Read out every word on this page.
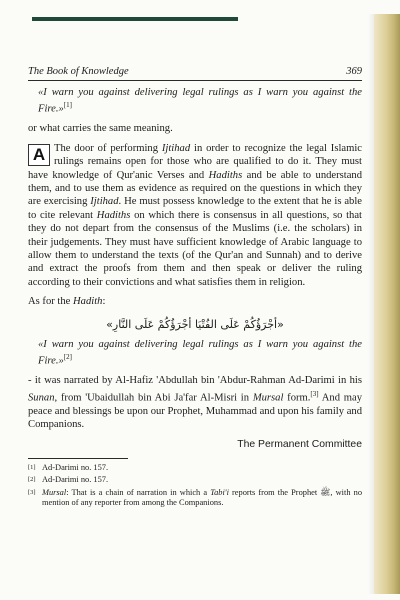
The Book of Knowledge	369

«I warn you against delivering legal rulings as I warn you against the Fire.»[1]

or what carries the same meaning.

A The door of performing Ijtihad in order to recognize the legal Islamic rulings remains open for those who are qualified to do it. They must have knowledge of Qur'anic Verses and Hadiths and be able to understand them, and to use them as evidence as required on the questions in which they are exercising Ijtihad. He must possess knowledge to the extent that he is able to cite relevant Hadiths on which there is consensus in all questions, so that they do not depart from the consensus of the Muslims (i.e. the scholars) in their judgements. They must have sufficient knowledge of Arabic language to allow them to understand the texts (of the Qur'an and Sunnah) and to derive and extract the proofs from them and then speak or deliver the ruling according to their convictions and what satisfies them in religion.

As for the Hadith:

«أجْرَؤُكُمْ عَلَى الفُتْيَا أجْرَؤُكُمْ عَلَى النَّارِ»

«I warn you against delivering legal rulings as I warn you against the Fire.»[2]

- it was narrated by Al-Hafiz 'Abdullah bin 'Abdur-Rahman Ad-Darimi in his Sunan, from 'Ubaidullah bin Abi Ja'far Al-Misri in Mursal form.[3] And may peace and blessings be upon our Prophet, Muhammad and upon his family and Companions.

The Permanent Committee
[1] Ad-Darimi no. 157.
[2] Ad-Darimi no. 157.
[3] Mursal: That is a chain of narration in which a Tabi'i reports from the Prophet ﷺ, with no mention of any reporter from among the Companions.
